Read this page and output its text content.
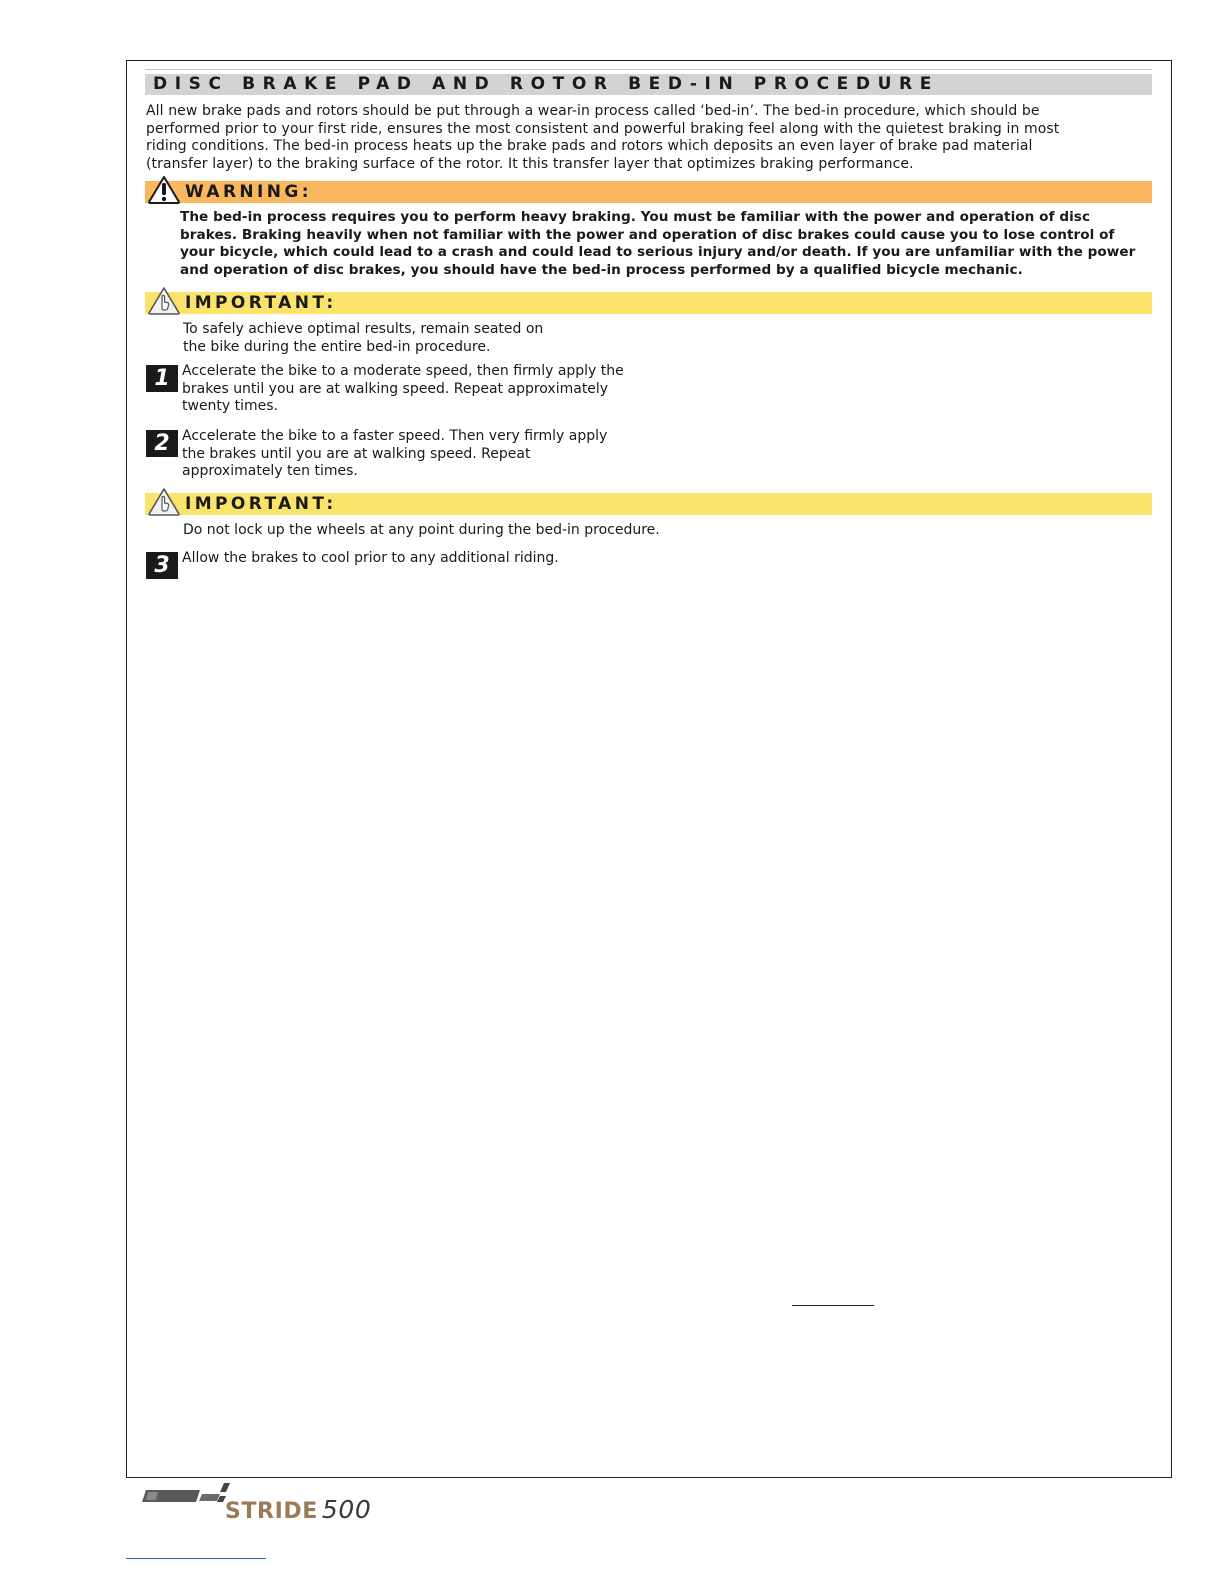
DISC BRAKE PAD AND ROTOR BED-IN PROCEDURE

All new brake pads and rotors should be put through a wear-in process called ‘bed-in’. The bed-in procedure, which should be
performed prior to your first ride, ensures the most consistent and powerful braking feel along with the quietest braking in most
riding conditions. The bed-in process heats up the brake pads and rotors which deposits an even layer of brake pad material
(transfer layer) to the braking surface of the rotor. It this transfer layer that optimizes braking performance.

WARNING:

The bed-in process requires you to perform heavy braking. You must be familiar with the power and operation of disc
brakes. Braking heavily when not familiar with the power and operation of disc brakes could cause you to lose control of
your bicycle, which could lead to a crash and could lead to serious injury and/or death. If you are unfamiliar with the power
and operation of disc brakes, you should have the bed-in process performed by a qualified bicycle mechanic.

IMPORTANT:

To safely achieve optimal results, remain seated on
the bike during the entire bed-in procedure.

1 Accelerate the bike to a moderate speed, then firmly apply the
brakes until you are at walking speed. Repeat approximately
twenty times.

2 Accelerate the bike to a faster speed. Then very firmly apply
the brakes until you are at walking speed. Repeat
approximately ten times.

IMPORTANT:

Do not lock up the wheels at any point during the bed-in procedure.

3 Allow the brakes to cool prior to any additional riding.

STRIDE 500
